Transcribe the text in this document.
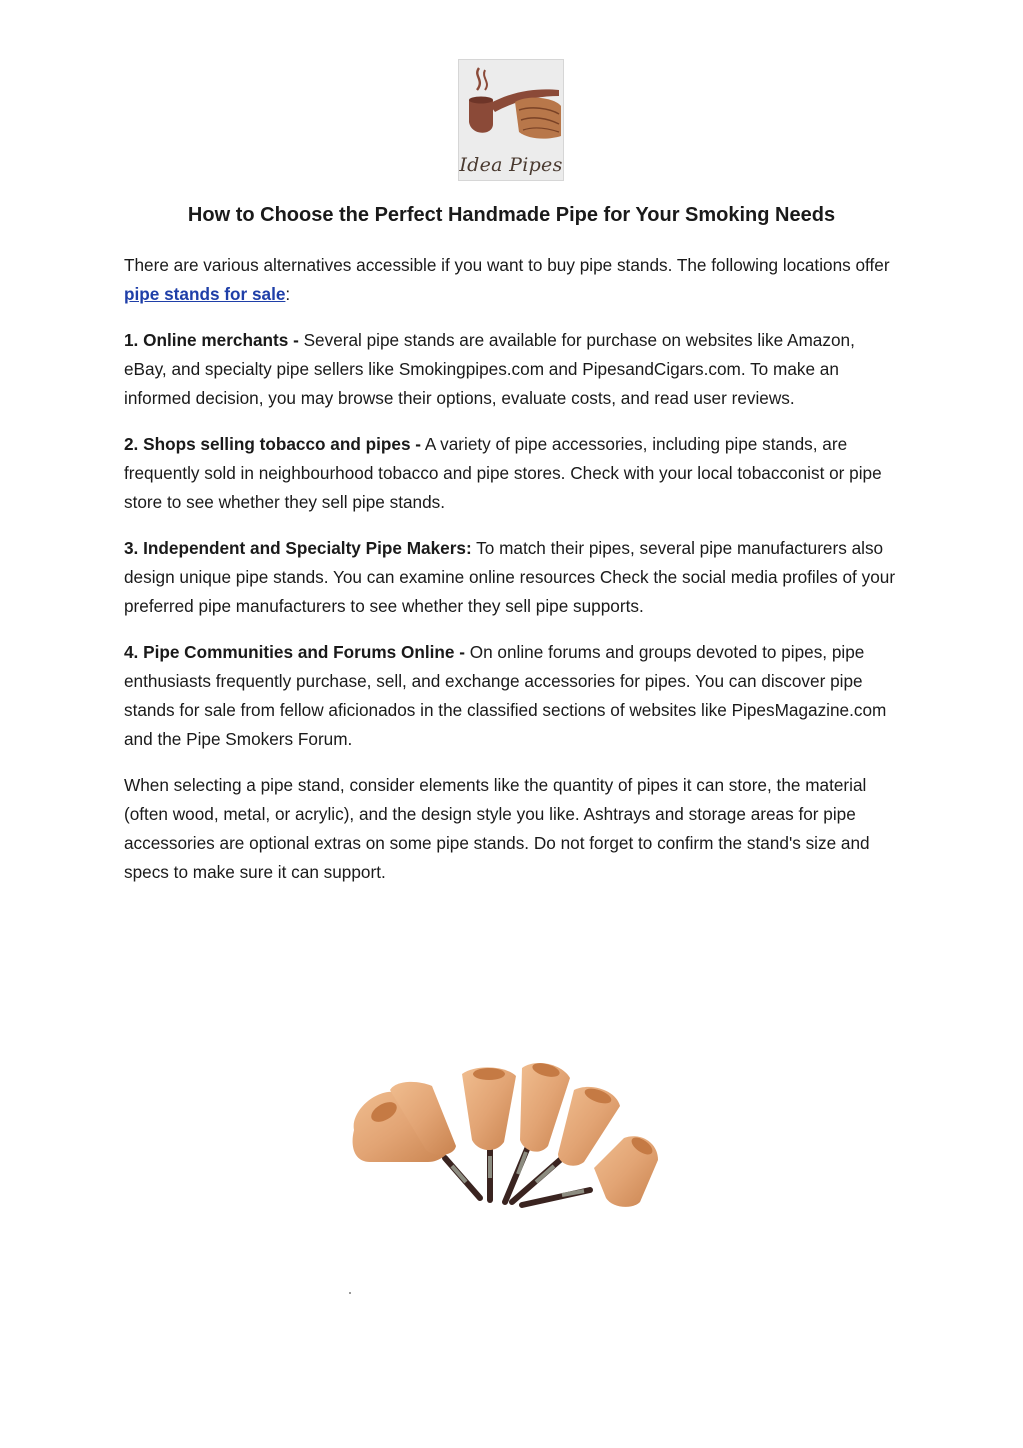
Idea Pipes
How to Choose the Perfect Handmade Pipe for Your Smoking Needs

There are various alternatives accessible if you want to buy pipe stands. The following locations offer pipe stands for sale:

1. Online merchants - Several pipe stands are available for purchase on websites like Amazon, eBay, and specialty pipe sellers like Smokingpipes.com and PipesandCigars.com. To make an informed decision, you may browse their options, evaluate costs, and read user reviews.

2. Shops selling tobacco and pipes - A variety of pipe accessories, including pipe stands, are frequently sold in neighbourhood tobacco and pipe stores. Check with your local tobacconist or pipe store to see whether they sell pipe stands.

3. Independent and Specialty Pipe Makers: To match their pipes, several pipe manufacturers also design unique pipe stands. You can examine online resources Check the social media profiles of your preferred pipe manufacturers to see whether they sell pipe supports.

4. Pipe Communities and Forums Online - On online forums and groups devoted to pipes, pipe enthusiasts frequently purchase, sell, and exchange accessories for pipes. You can discover pipe stands for sale from fellow aficionados in the classified sections of websites like PipesMagazine.com and the Pipe Smokers Forum.

When selecting a pipe stand, consider elements like the quantity of pipes it can store, the material (often wood, metal, or acrylic), and the design style you like. Ashtrays and storage areas for pipe accessories are optional extras on some pipe stands. Do not forget to confirm the stand's size and specs to make sure it can support.
